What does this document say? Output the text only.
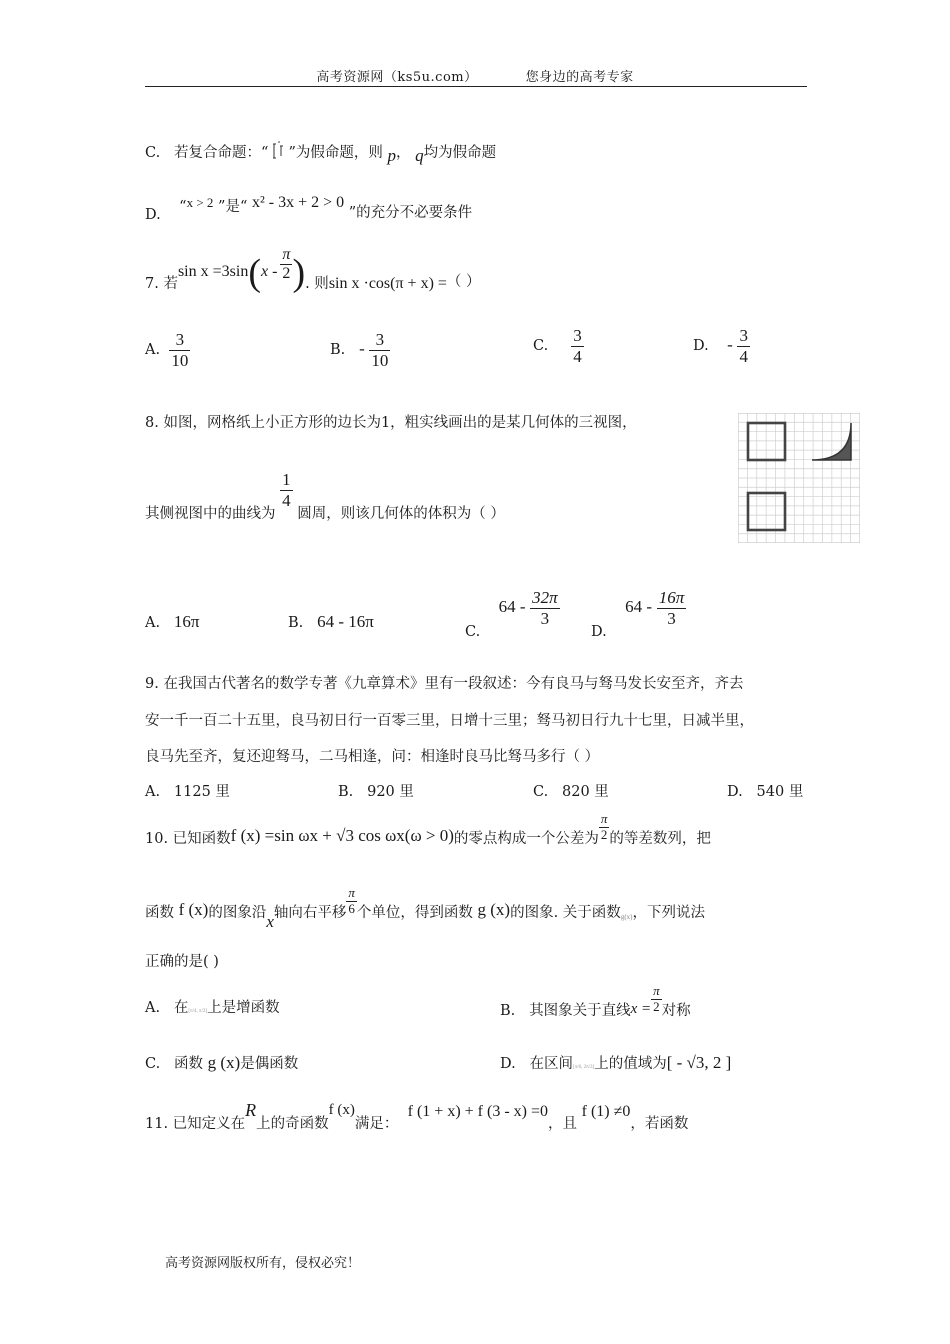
高考资源网（ks5u.com）	您身边的高考专家
C. 若复合命题：“ ”为假命题，则 p， q均为假命题
D. “x > 2 ”是“ x² - 3x + 2 > 0 ”的充分不必要条件
7. 若$\sin x =3\sin(x - \frac{\pi}{2}$ ). 则sin x ·cos(π + x) =（ ）
A. $\frac{3}{10}$	B. - $\frac{3}{10}$	C. $\frac{3}{4}$	D. - $\frac{3}{4}$
8. 如图，网格纸上小正方形的边长为1，粗实线画出的是某几何体的三视图，
其侧视图中的曲线为
$\frac{1}{4}$
圆周，则该几何体的体积为（ ）
A. 16π	B. 64 - 16π
C.    $64 - \frac{32\pi}{3}$
D.    $64 - \frac{16\pi}{3}$
9. 在我国古代著名的数学专著《九章算术》里有一段叙述：今有良马与驽马发长安至齐，齐去
安一千一百二十五里，良马初日行一百零三里，日增十三里；驽马初日行九十七里，日减半里，
良马先至齐，复还迎驽马，二马相逢，问：相逢时良马比驽马多行（ ）
A. 1125 里	B. 920 里	C. 820 里	D. 540 里
10. 已知函数f (x) =sin ωx + √3 cos ωx(ω > 0)的零点构成一个公差为 $\frac{\pi}{2}$ 的等差数列，把
函数 f (x)的图象沿x轴向右平移 $\frac{\pi}{6}$ 个单位，得到函数 g (x)的图象. 关于函数$_{g(x)}$，下列说法
正确的是( )
A. 在[π/4, π/2]上是增函数	B. 其图象关于直线$x = \frac{\pi}{2}$ 对称
C. 函数 g (x)是偶函数	D. 在区间[π/6, 2π/3]上的值域为[ - √3, 2 ]
11. 已知定义在R上的奇函数f (x)满足：  f (1 + x) + f (3 - x) =0，且 f (1) ≠0，若函数
高考资源网版权所有，侵权必究！
